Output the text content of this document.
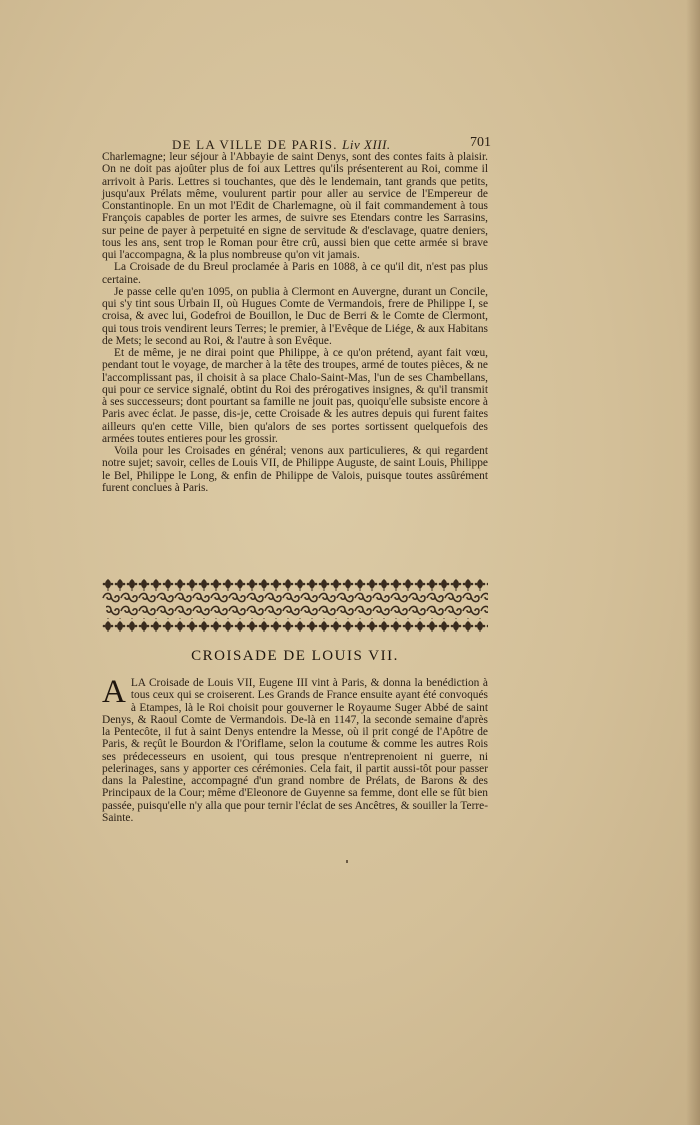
DE LA VILLE DE PARIS. Liv XIII.	701

Charlemagne; leur séjour à l'Abbayie de saint Denys, sont des contes faits à plaisir. On ne doit pas ajoûter plus de foi aux Lettres qu'ils présenterent au Roi, comme il arrivoit à Paris. Lettres si touchantes, que dès le lendemain, tant grands que petits, jusqu'aux Prélats même, voulurent partir pour aller au service de l'Empereur de Constantinople. En un mot l'Edit de Charlemagne, où il fait commandement à tous François capables de porter les armes, de suivre ses Etendars contre les Sarrasins, sur peine de payer à perpetuité en signe de servitude & d'esclavage, quatre deniers, tous les ans, sent trop le Roman pour être crû, aussi bien que cette armée si brave qui l'accompagna, & la plus nombreuse qu'on vit jamais.

La Croisade de du Breul proclamée à Paris en 1088, à ce qu'il dit, n'est pas plus certaine.

Je passe celle qu'en 1095, on publia à Clermont en Auvergne, durant un Concile, qui s'y tint sous Urbain II, où Hugues Comte de Vermandois, frere de Philippe I, se croisa, & avec lui, Godefroi de Bouillon, le Duc de Berri & le Comte de Clermont, qui tous trois vendirent leurs Terres; le premier, à l'Evêque de Liége, & aux Habitans de Mets; le second au Roi, & l'autre à son Evêque.

Et de même, je ne dirai point que Philippe, à ce qu'on prétend, ayant fait vœu, pendant tout le voyage, de marcher à la tête des troupes, armé de toutes pièces, & ne l'accomplissant pas, il choisit à sa place Chalo-Saint-Mas, l'un de ses Chambellans, qui pour ce service signalé, obtint du Roi des prérogatives insignes, & qu'il transmit à ses successeurs; dont pourtant sa famille ne jouit pas, quoiqu'elle subsiste encore à Paris avec éclat. Je passe, dis-je, cette Croisade & les autres depuis qui furent faites ailleurs qu'en cette Ville, bien qu'alors de ses portes sortissent quelquefois des armées toutes entieres pour les grossir.

Voila pour les Croisades en général; venons aux particulieres, & qui regardent notre sujet; savoir, celles de Louis VII, de Philippe Auguste, de saint Louis, Philippe le Bel, Philippe le Long, & enfin de Philippe de Valois, puisque toutes assûrément furent conclues à Paris.

CROISADE DE LOUIS VII.
A LA Croisade de Louis VII, Eugene III vint à Paris, & donna la benédiction à tous ceux qui se croiserent. Les Grands de France ensuite ayant été convoqués à Etampes, là le Roi choisit pour gouverner le Royaume Suger Abbé de saint Denys, & Raoul Comte de Vermandois. De-là en 1147, la seconde semaine d'après la Pentecôte, il fut à saint Denys entendre la Messe, où il prit congé de l'Apôtre de Paris, & reçût le Bourdon & l'Oriflame, selon la coutume & comme les autres Rois ses prédecesseurs en usoient, qui tous presque n'entreprenoient ni guerre, ni pelerinages, sans y apporter ces cérémonies. Cela fait, il partit aussi-tôt pour passer dans la Palestine, accompagné d'un grand nombre de Prélats, de Barons & des Principaux de la Cour; même d'Eleonore de Guyenne sa femme, dont elle se fût bien passée, puisqu'elle n'y alla que pour ternir l'éclat de ses Ancêtres, & souiller la Terre-Sainte.
